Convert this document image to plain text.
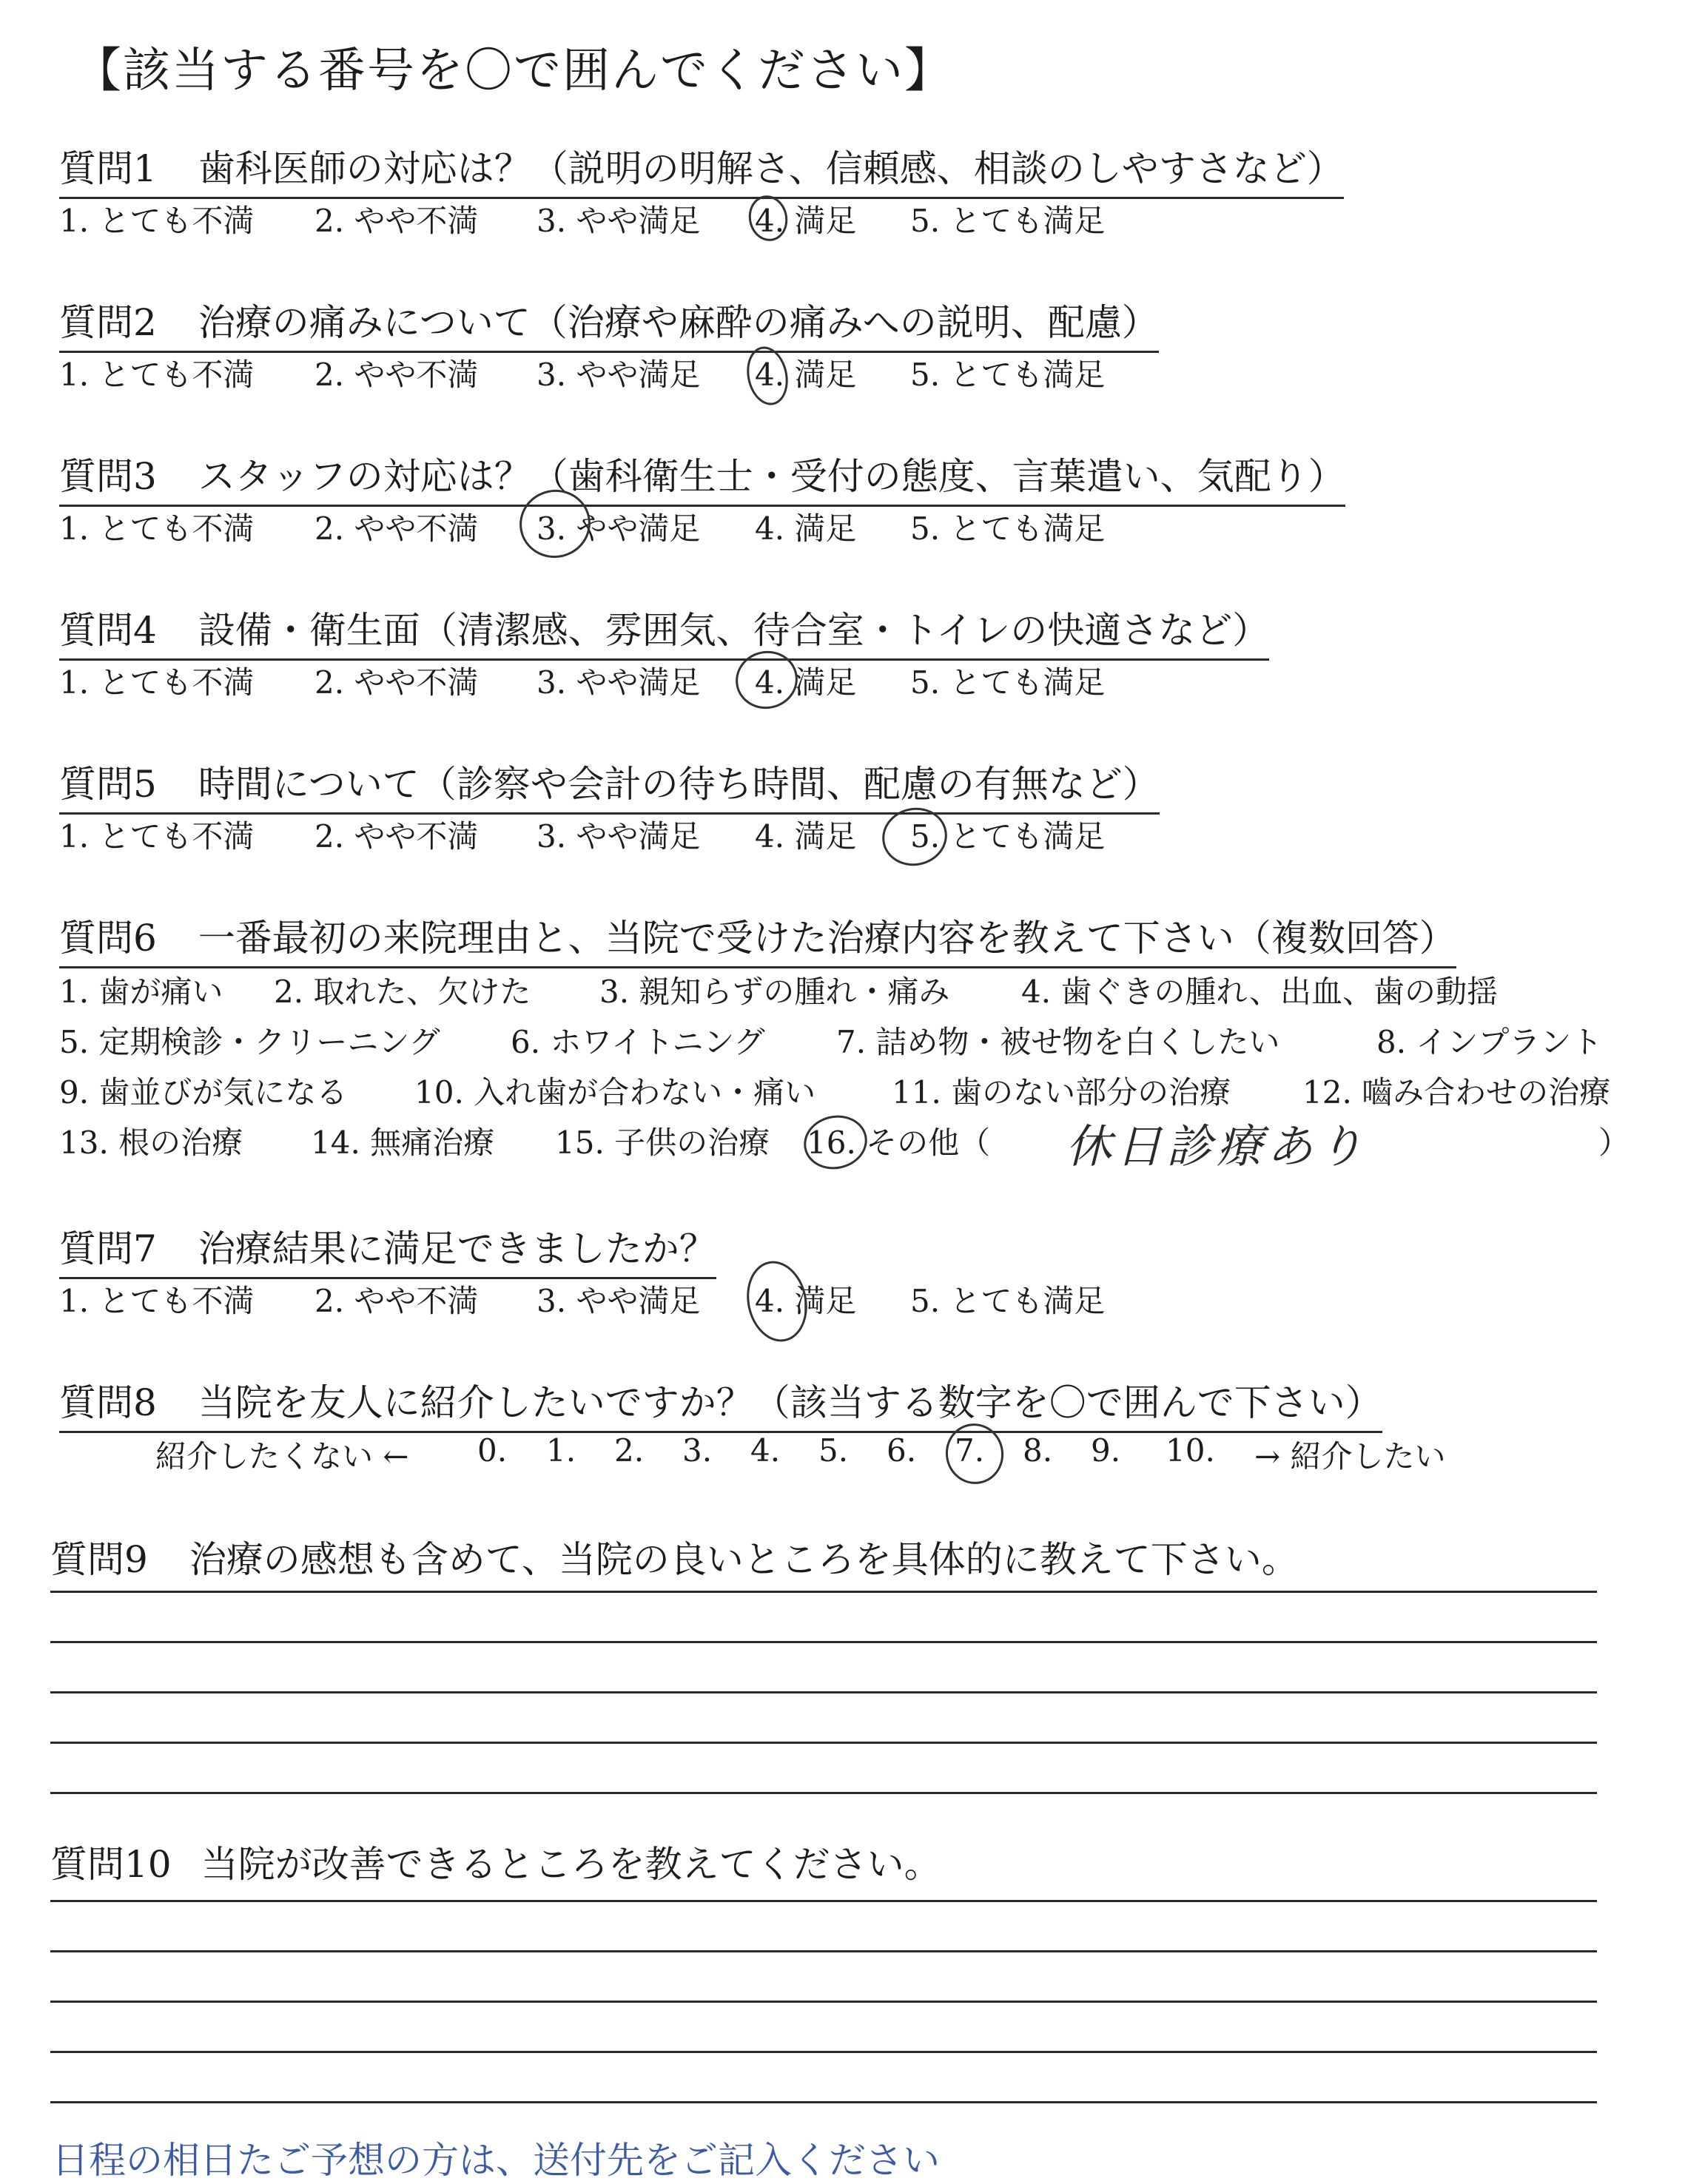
【該当する番号を〇で囲んでください】
質問1 歯科医師の対応は？（説明の明解さ、信頼感、相談のしやすさなど）
1. とても不満 2. やや不満 3. やや満足 4. 満足 5. とても満足
質問2 治療の痛みについて（治療や麻酔の痛みへの説明、配慮）
1. とても不満 2. やや不満 3. やや満足 4. 満足 5. とても満足
質問3 スタッフの対応は？（歯科衛生士・受付の態度、言葉遣い、気配り）
1. とても不満 2. やや不満 3. やや満足 4. 満足 5. とても満足
質問4 設備・衛生面（清潔感、雰囲気、待合室・トイレの快適さなど）
1. とても不満 2. やや不満 3. やや満足 4. 満足 5. とても満足
質問5 時間について（診察や会計の待ち時間、配慮の有無など）
1. とても不満 2. やや不満 3. やや満足 4. 満足 5. とても満足
質問6 一番最初の来院理由と、当院で受けた治療内容を教えて下さい（複数回答）
1. 歯が痛い 2. 取れた、欠けた 3. 親知らずの腫れ・痛み 4. 歯ぐきの腫れ、出血、歯の動揺
5. 定期検診・クリーニング 6. ホワイトニング 7. 詰め物・被せ物を白くしたい	8. インプラント
9. 歯並びが気になる 10. 入れ歯が合わない・痛い 11. 歯のない部分の治療 12. 嚙み合わせの治療
13. 根の治療 14. 無痛治療 15. 子供の治療 16. その他（	）
休日診療あり
質問7 治療結果に満足できましたか？
1. とても不満 2. やや不満 3. やや満足 4. 満足 5. とても満足
質問8 当院を友人に紹介したいですか？（該当する数字を〇で囲んで下さい）
紹介したくない ← 0. 1. 2. 3. 4. 5. 6. 7. 8. 9. 10. → 紹介したい
質問9 治療の感想も含めて、当院の良いところを具体的に教えて下さい。
質問10 当院が改善できるところを教えてください。
日程の相日たご予想の方は、送付先をご記入ください
